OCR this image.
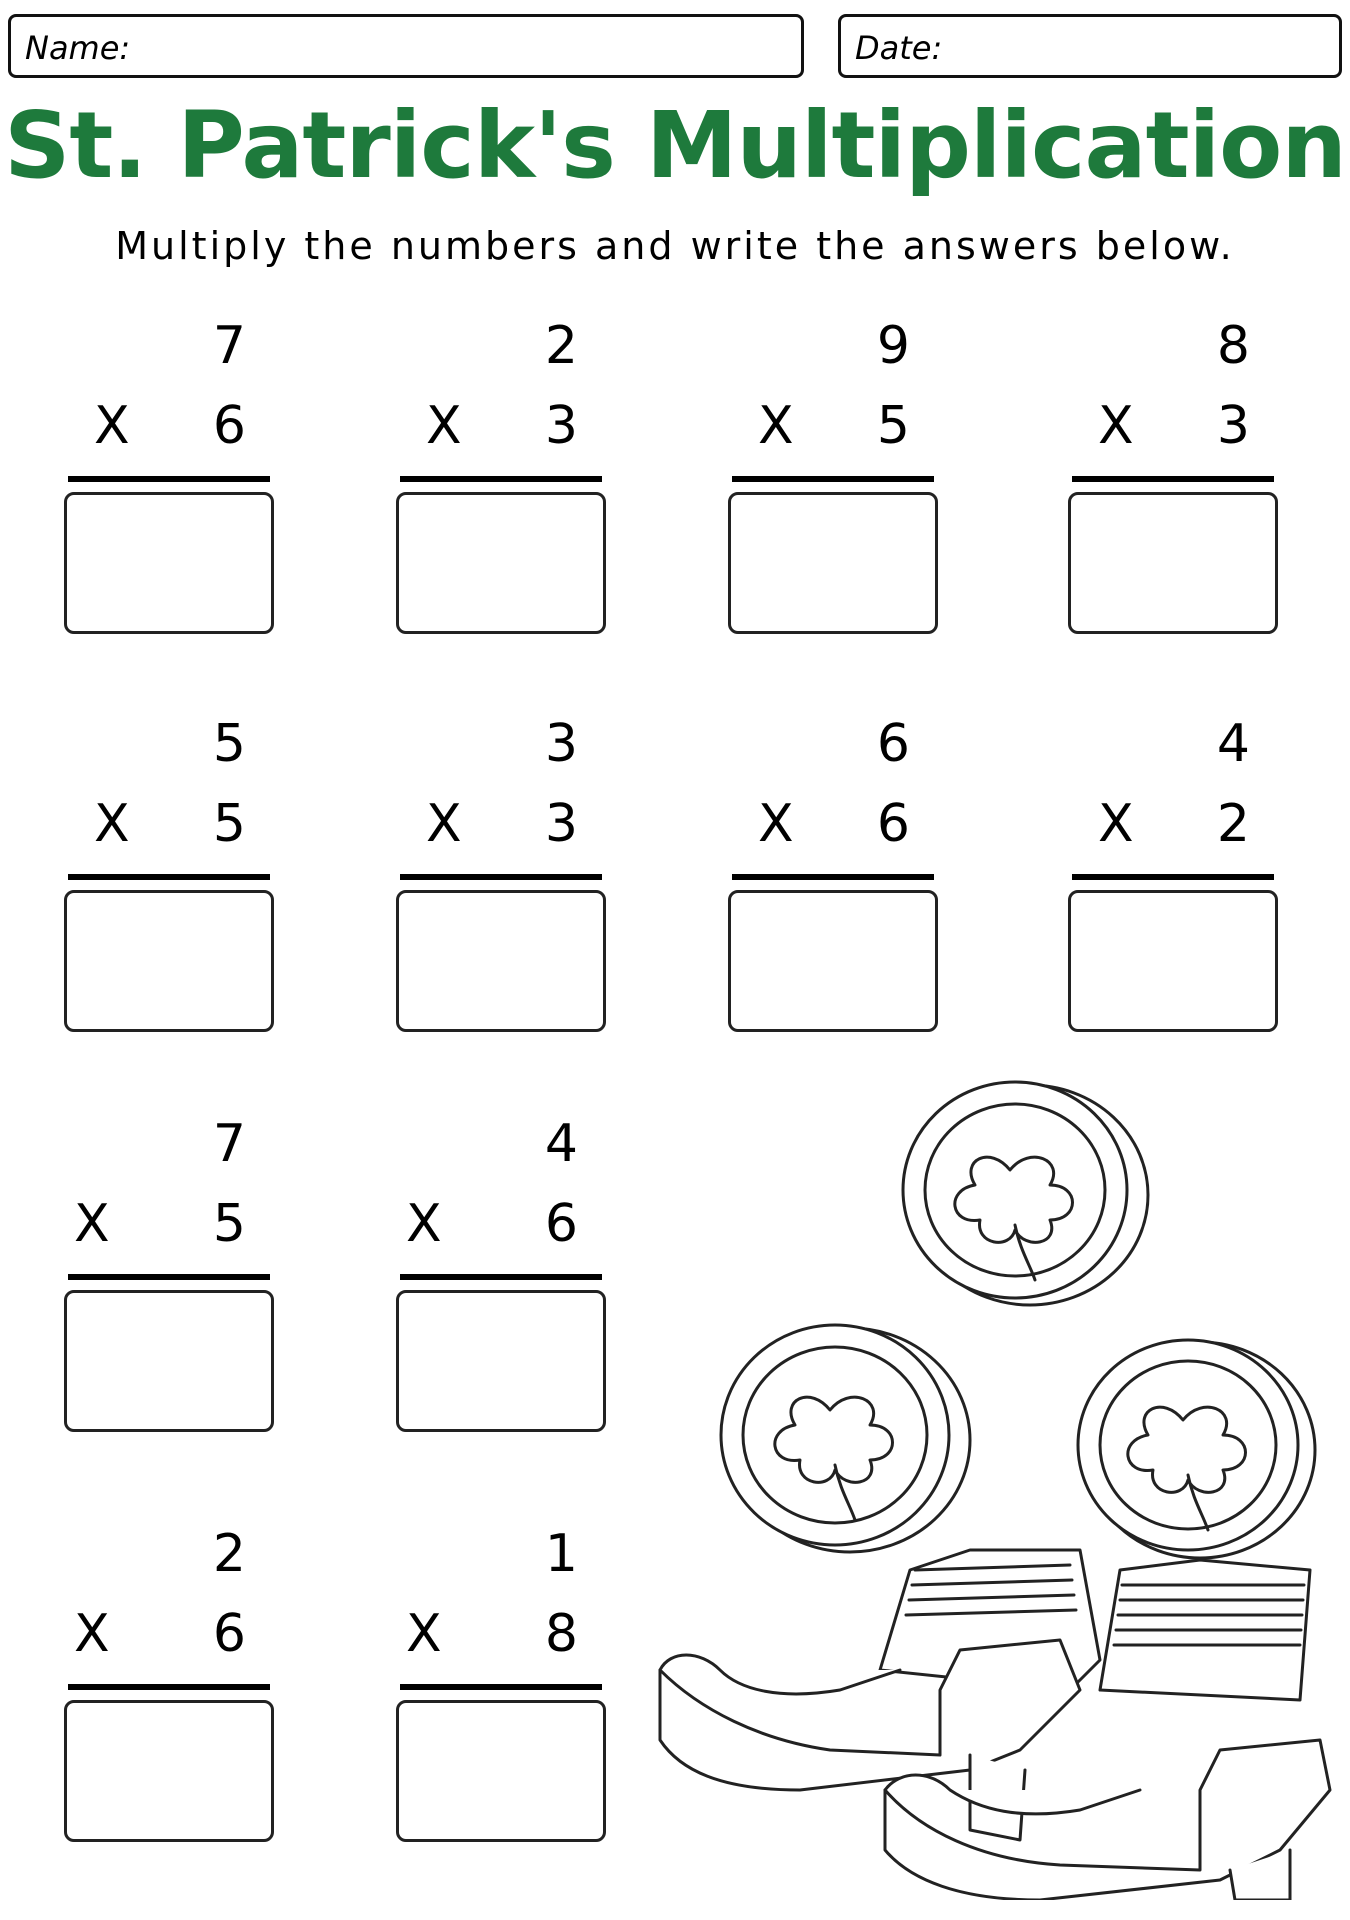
Name:	Date:
St. Patrick's Multiplication
Multiply the numbers and write the answers below.
7
X 6
2
X 3
9
X 5
8
X 3
5
X 5
3
X 3
6
X 6
4
X 2
7
X 5
4
X 6
2
X 6
1
X 8
